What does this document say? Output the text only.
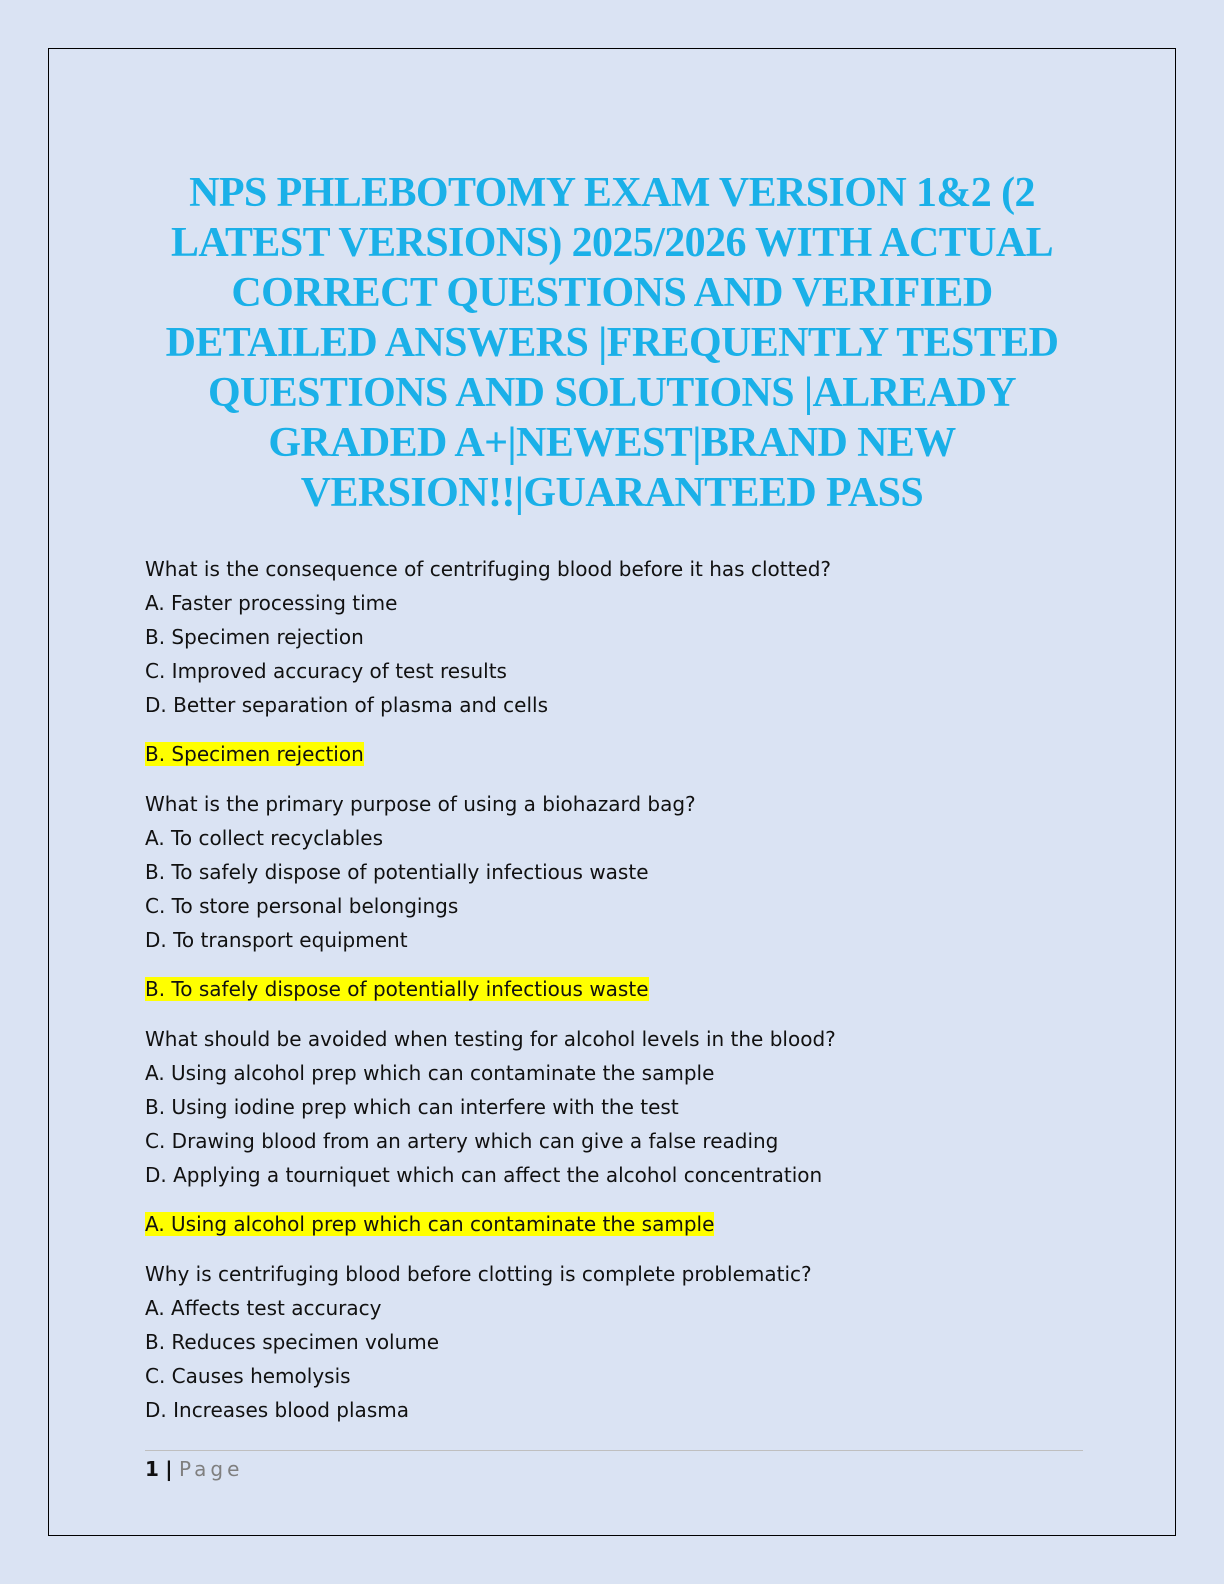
NPS PHLEBOTOMY EXAM VERSION 1&2 (2 LATEST VERSIONS) 2025/2026 WITH ACTUAL CORRECT QUESTIONS AND VERIFIED DETAILED ANSWERS |FREQUENTLY TESTED QUESTIONS AND SOLUTIONS |ALREADY GRADED A+|NEWEST|BRAND NEW VERSION!!|GUARANTEED PASS
What is the consequence of centrifuging blood before it has clotted?
A. Faster processing time
B. Specimen rejection
C. Improved accuracy of test results
D. Better separation of plasma and cells
B. Specimen rejection
What is the primary purpose of using a biohazard bag?
A. To collect recyclables
B. To safely dispose of potentially infectious waste
C. To store personal belongings
D. To transport equipment
B. To safely dispose of potentially infectious waste
What should be avoided when testing for alcohol levels in the blood?
A. Using alcohol prep which can contaminate the sample
B. Using iodine prep which can interfere with the test
C. Drawing blood from an artery which can give a false reading
D. Applying a tourniquet which can affect the alcohol concentration
A. Using alcohol prep which can contaminate the sample
Why is centrifuging blood before clotting is complete problematic?
A. Affects test accuracy
B. Reduces specimen volume
C. Causes hemolysis
D. Increases blood plasma
1 | Page
